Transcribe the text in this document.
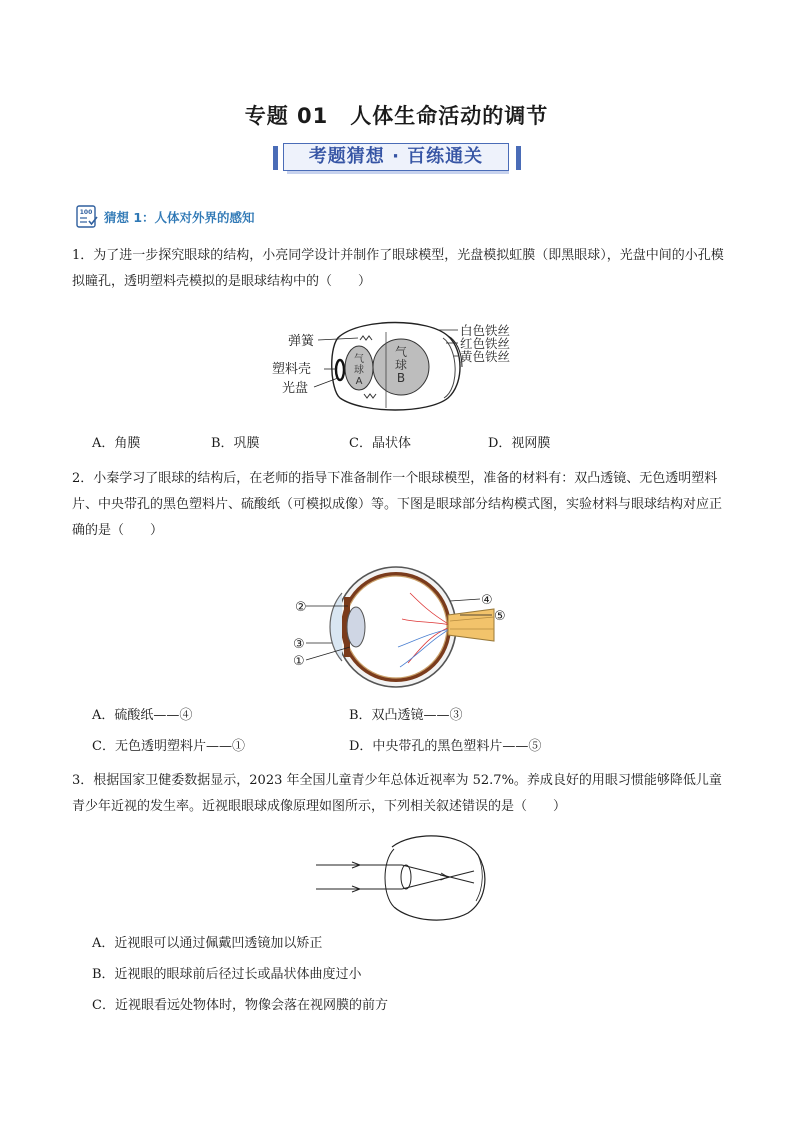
专题 01　人体生命活动的调节
考题猜想 · 百练通关
100 猜想 1：人体对外界的感知
1．为了进一步探究眼球的结构，小亮同学设计并制作了眼球模型，光盘模拟虹膜（即黑眼球），光盘中间的小孔模拟瞳孔，透明塑料壳模拟的是眼球结构中的（　　）
弹簧
塑料壳
光盘
气
球
A
气
球
B
白色铁丝
红色铁丝
黄色铁丝
A．角膜	B．巩膜	C．晶状体	D．视网膜
2．小秦学习了眼球的结构后，在老师的指导下准备制作一个眼球模型，准备的材料有：双凸透镜、无色透明塑料片、中央带孔的黑色塑料片、硫酸纸（可模拟成像）等。下图是眼球部分结构模式图，实验材料与眼球结构对应正确的是（　　）
②
③
①
④
⑤
A．硫酸纸——④	B．双凸透镜——③
C．无色透明塑料片——①	D．中央带孔的黑色塑料片——⑤
3．根据国家卫健委数据显示，2023 年全国儿童青少年总体近视率为 52.7%。养成良好的用眼习惯能够降低儿童青少年近视的发生率。近视眼眼球成像原理如图所示，下列相关叙述错误的是（　　）
A．近视眼可以通过佩戴凹透镜加以矫正
B．近视眼的眼球前后径过长或晶状体曲度过小
C．近视眼看远处物体时，物像会落在视网膜的前方
